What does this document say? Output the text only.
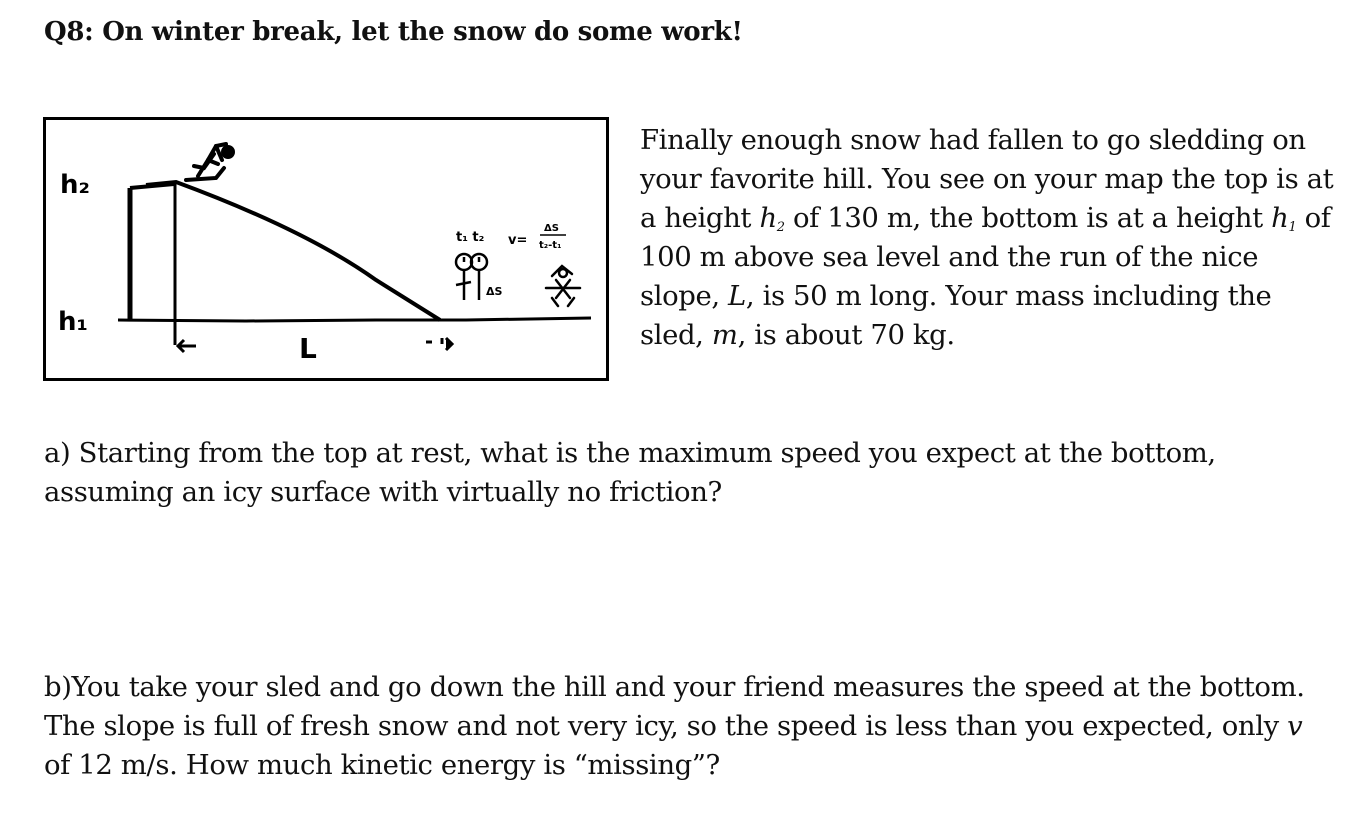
Q8: On winter break, let the snow do some work!
h₂
h₁
L
t₁ t₂
ΔS
v=
ΔS
t₂-t₁

Finally enough snow had fallen to go sledding on your favorite hill. You see on your map the top is at a height $h_2$ of 130 m, the bottom is at a height $h_1$ of 100 m above sea level and the run of the nice slope, L, is 50 m long. Your mass including the sled, m, is about 70 kg.

a) Starting from the top at rest, what is the maximum speed you expect at the bottom, assuming an icy surface with virtually no friction?

b)You take your sled and go down the hill and your friend measures the speed at the bottom. The slope is full of fresh snow and not very icy, so the speed is less than you expected, only v of 12 m/s. How much kinetic energy is “missing”?
